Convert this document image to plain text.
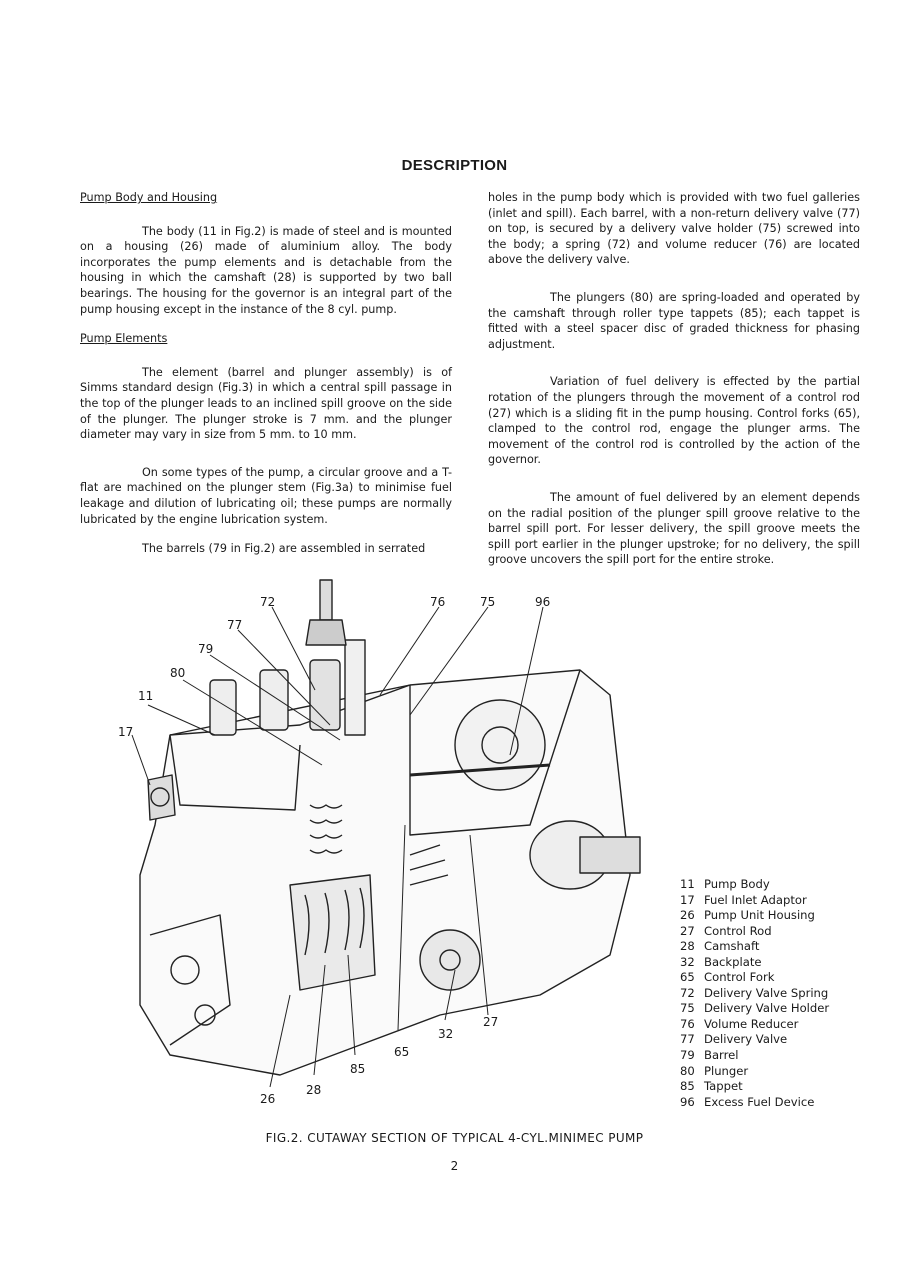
DESCRIPTION

Pump Body and Housing

The body (11 in Fig.2) is made of steel and is mounted on a housing (26) made of aluminium alloy. The body incorporates the pump elements and is detachable from the housing in which the camshaft (28) is supported by two ball bearings. The housing for the governor is an integral part of the pump housing except in the instance of the 8 cyl. pump.

Pump Elements

The element (barrel and plunger assembly) is of Simms standard design (Fig.3) in which a central spill passage in the top of the plunger leads to an inclined spill groove on the side of the plunger. The plunger stroke is 7 mm. and the plunger diameter may vary in size from 5 mm. to 10 mm.

On some types of the pump, a circular groove and a T-flat are machined on the plunger stem (Fig.3a) to minimise fuel leakage and dilution of lubricating oil; these pumps are normally lubricated by the engine lubrication system.

The barrels (79 in Fig.2) are assembled in serrated

holes in the pump body which is provided with two fuel galleries (inlet and spill). Each barrel, with a non-return delivery valve (77) on top, is secured by a delivery valve holder (75) screwed into the body; a spring (72) and volume reducer (76) are located above the delivery valve.

The plungers (80) are spring-loaded and operated by the camshaft through roller type tappets (85); each tappet is fitted with a steel spacer disc of graded thickness for phasing adjustment.

Variation of fuel delivery is effected by the partial rotation of the plungers through the movement of a control rod (27) which is a sliding fit in the pump housing. Control forks (65), clamped to the control rod, engage the plunger arms. The movement of the control rod is controlled by the action of the governor.

The amount of fuel delivered by an element depends on the radial position of the plunger spill groove relative to the barrel spill port. For lesser delivery, the spill groove meets the spill port earlier in the plunger upstroke; for no delivery, the spill groove uncovers the spill port for the entire stroke.

72	76	75	96
77
79
80
11
17
32
27
65
85
28
26
11 Pump Body
17 Fuel Inlet Adaptor
26 Pump Unit Housing
27 Control Rod
28 Camshaft
32 Backplate
65 Control Fork
72 Delivery Valve Spring
75 Delivery Valve Holder
76 Volume Reducer
77 Delivery Valve
79 Barrel
80 Plunger
85 Tappet
96 Excess Fuel Device
FIG.2. CUTAWAY SECTION OF TYPICAL 4-CYL.MINIMEC PUMP
2
